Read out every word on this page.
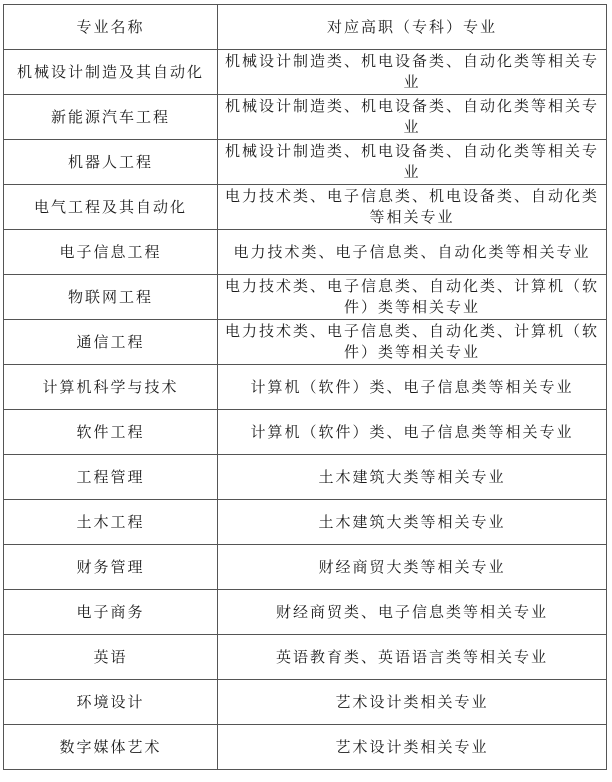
专业名称	对应高职（专科）专业
机械设计制造及其自动化	机械设计制造类、机电设备类、自动化类等相关专业
新能源汽车工程	机械设计制造类、机电设备类、自动化类等相关专业
机器人工程	机械设计制造类、机电设备类、自动化类等相关专业
电气工程及其自动化	电力技术类、电子信息类、机电设备类、自动化类等相关专业
电子信息工程	电力技术类、电子信息类、自动化类等相关专业
物联网工程	电力技术类、电子信息类、自动化类、计算机（软件）类等相关专业
通信工程	电力技术类、电子信息类、自动化类、计算机（软件）类等相关专业
计算机科学与技术	计算机（软件）类、电子信息类等相关专业
软件工程	计算机（软件）类、电子信息类等相关专业
工程管理	土木建筑大类等相关专业
土木工程	土木建筑大类等相关专业
财务管理	财经商贸大类等相关专业
电子商务	财经商贸类、电子信息类等相关专业
英语	英语教育类、英语语言类等相关专业
环境设计	艺术设计类相关专业
数字媒体艺术	艺术设计类相关专业
